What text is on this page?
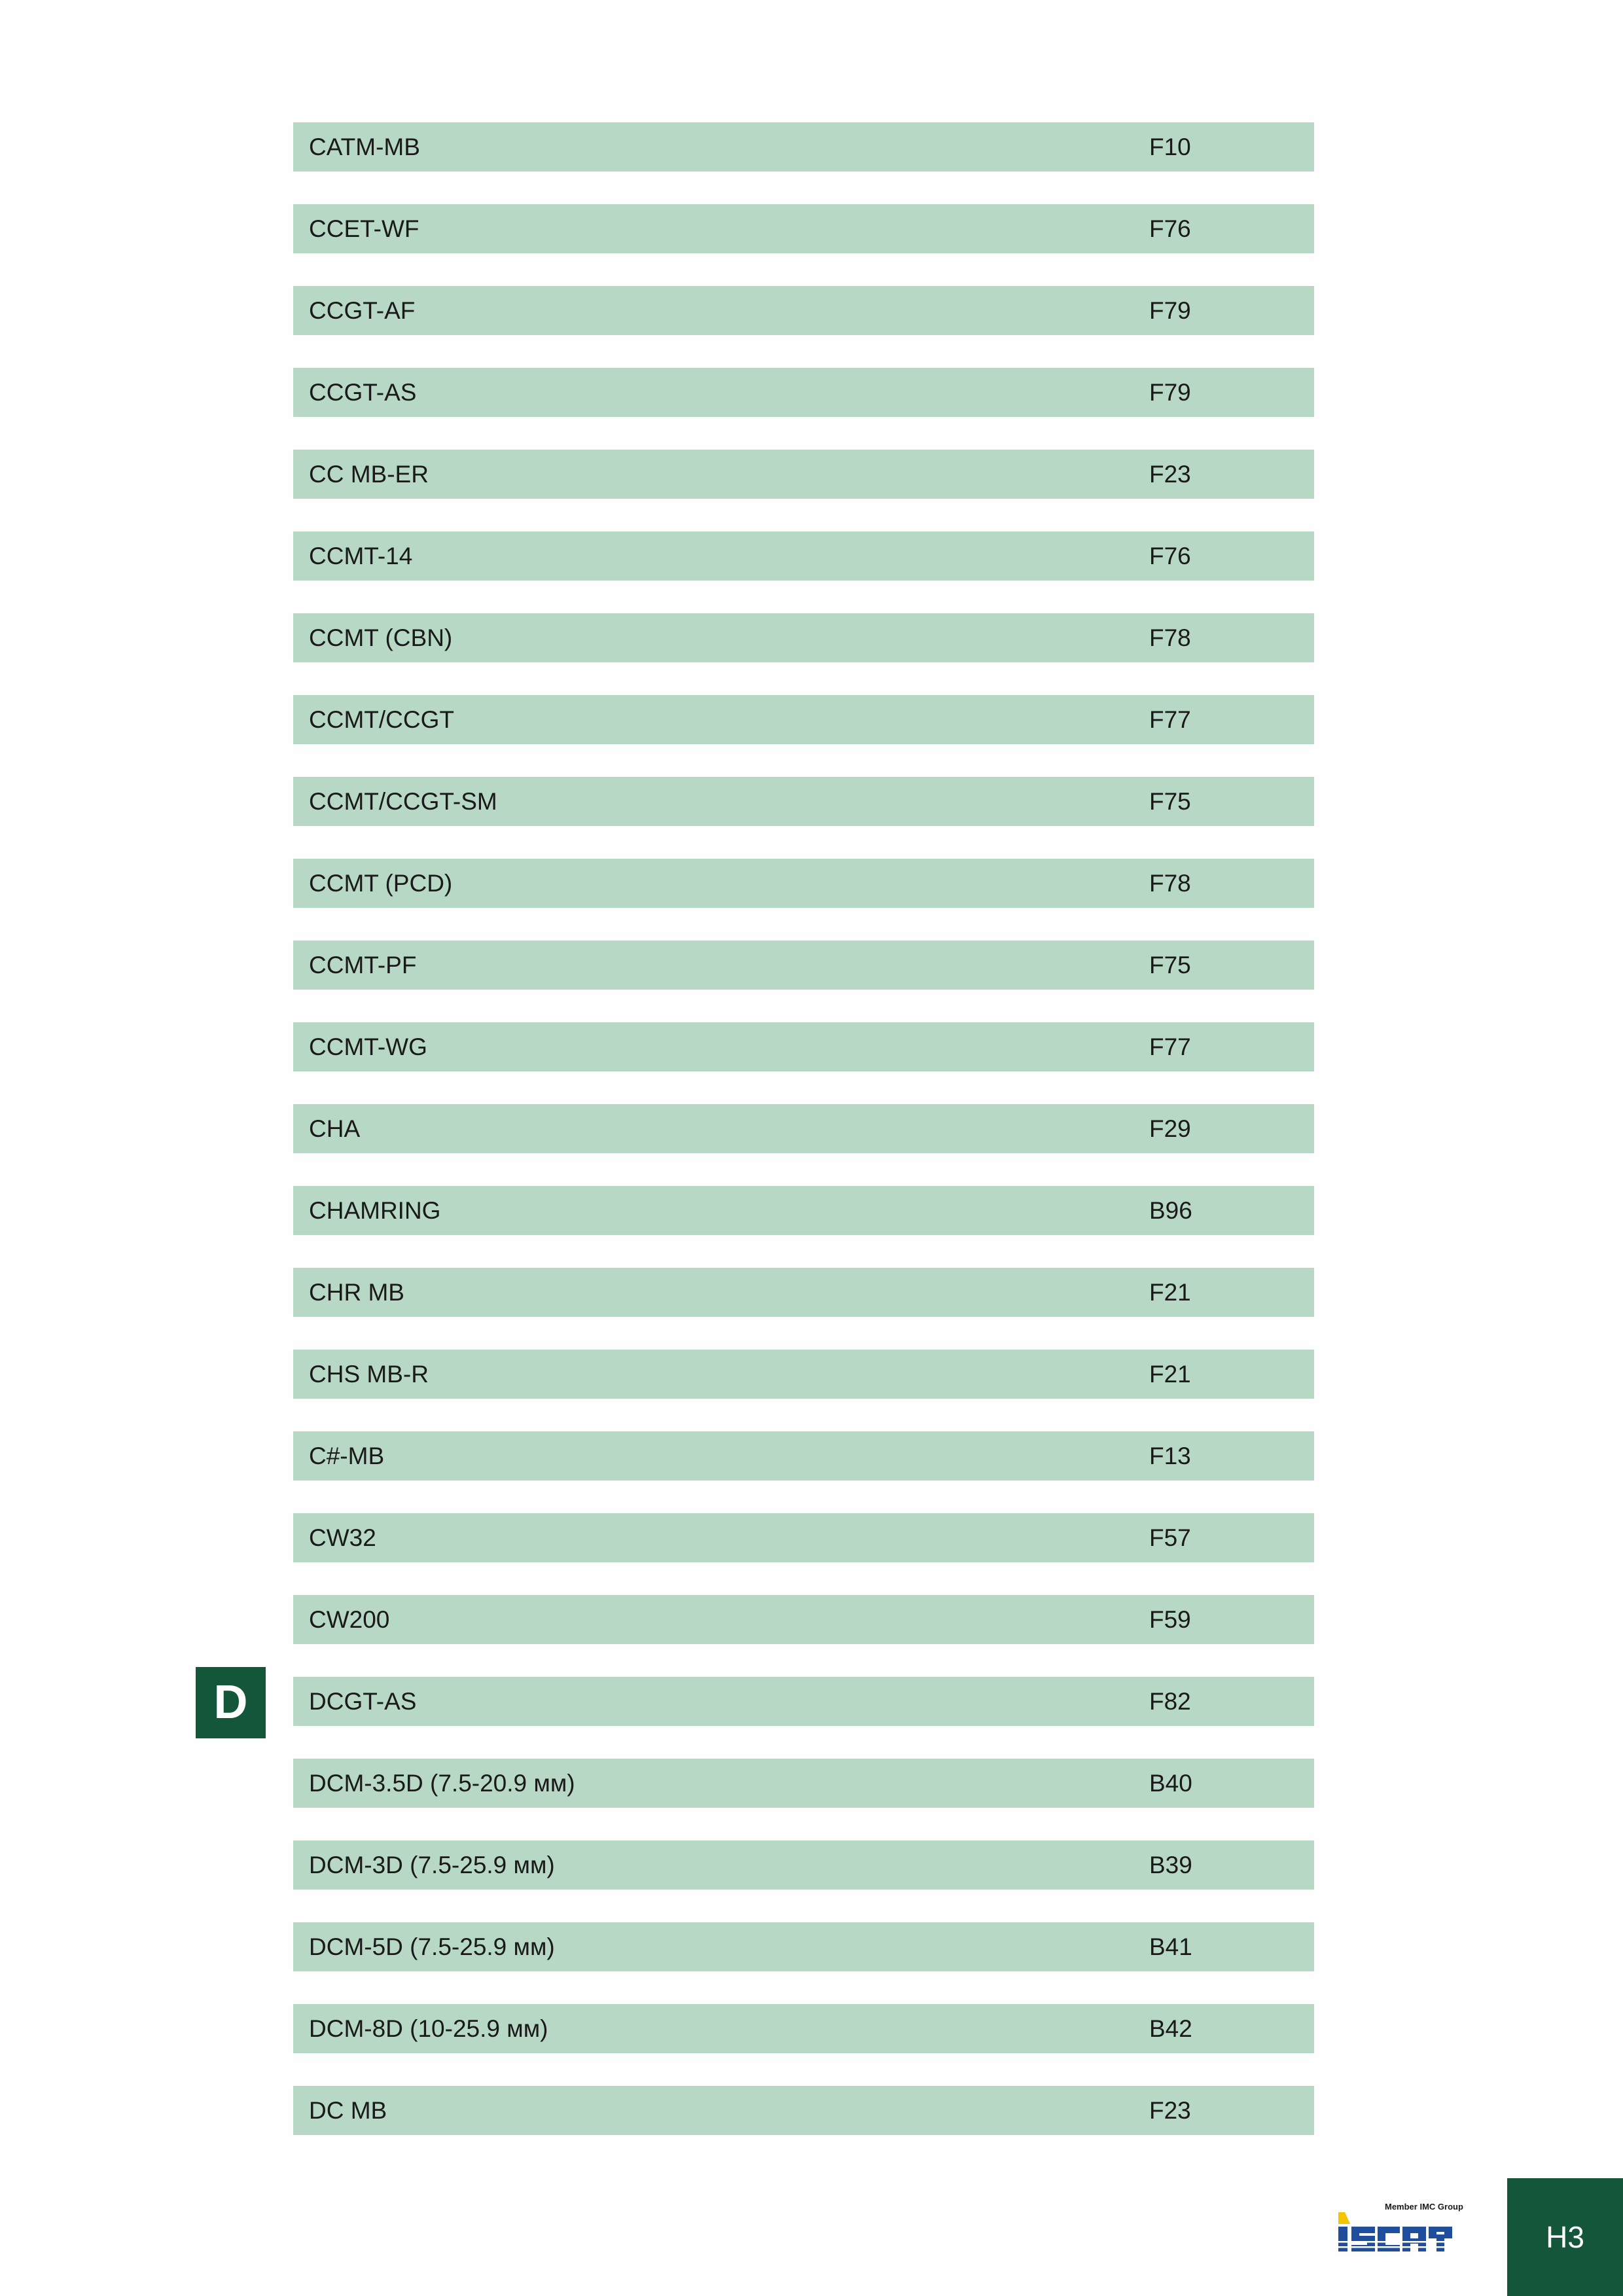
CATM-MB	F10
CCET-WF	F76
CCGT-AF	F79
CCGT-AS	F79
CC MB-ER	F23
CCMT-14	F76
CCMT (CBN)	F78
CCMT/CCGT	F77
CCMT/CCGT-SM	F75
CCMT (PCD)	F78
CCMT-PF	F75
CCMT-WG	F77
CHA	F29
CHAMRING	B96
CHR MB	F21
CHS MB-R	F21
C#-MB	F13
CW32	F57
CW200	F59
DCGT-AS	F82
DCM-3.5D (7.5-20.9 мм)	B40
DCM-3D (7.5-25.9 мм)	B39
DCM-5D (7.5-25.9 мм)	B41
DCM-8D (10-25.9 мм)	B42
DC MB	F23
D
Member IMC Group
H3
